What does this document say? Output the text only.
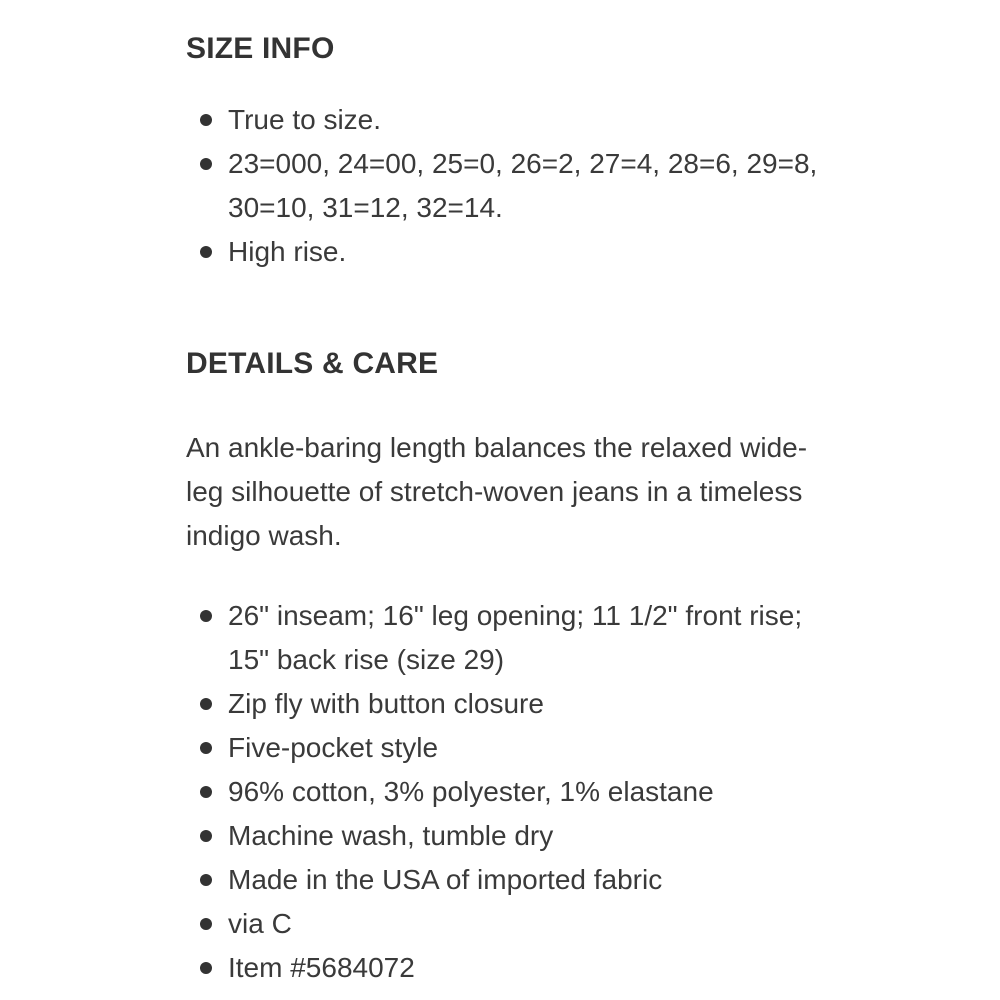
SIZE INFO
True to size.
23=000, 24=00, 25=0, 26=2, 27=4, 28=6, 29=8, 30=10, 31=12, 32=14.
High rise.
DETAILS & CARE

An ankle-baring length balances the relaxed wide-leg silhouette of stretch-woven jeans in a timeless indigo wash.

26" inseam; 16" leg opening; 11 1/2" front rise; 15" back rise (size 29)
Zip fly with button closure
Five-pocket style
96% cotton, 3% polyester, 1% elastane
Machine wash, tumble dry
Made in the USA of imported fabric
via C
Item #5684072
